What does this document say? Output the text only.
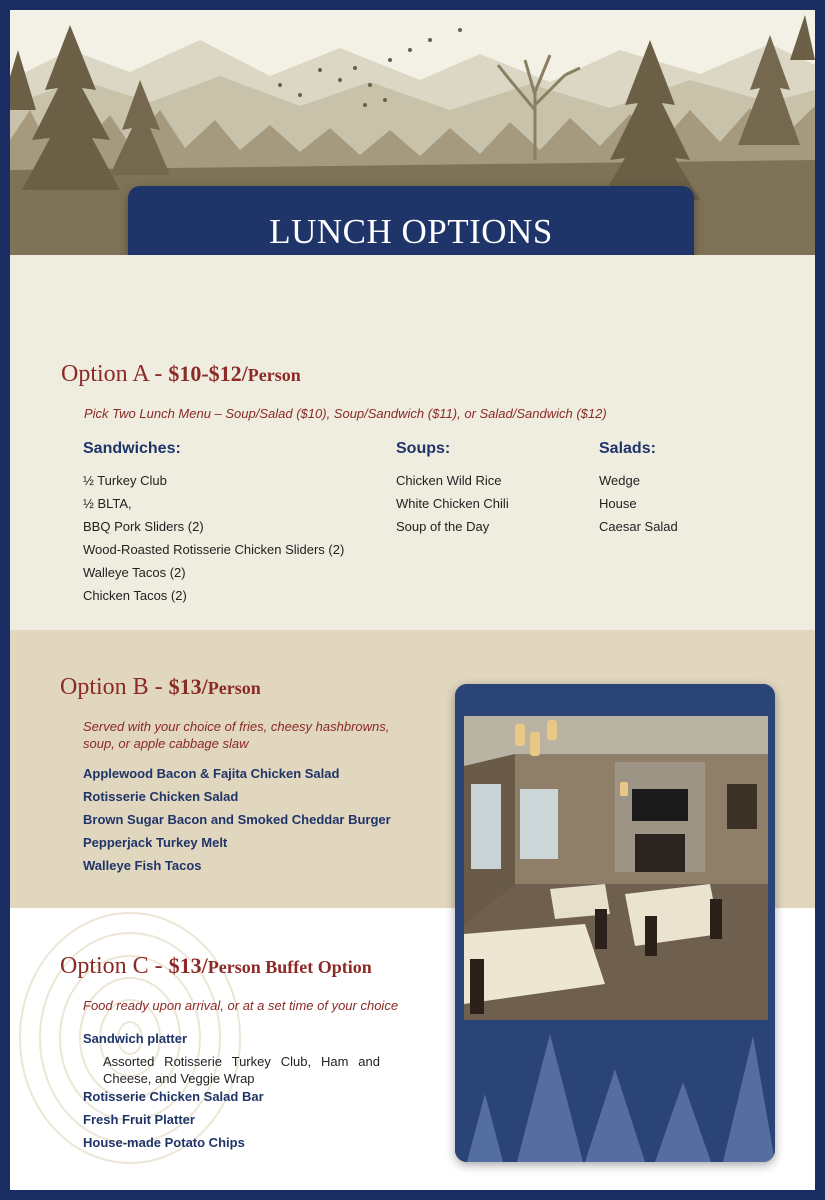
LUNCH OPTIONS

Option A - $10-$12/Person
Pick Two Lunch Menu – Soup/Salad ($10), Soup/Sandwich ($11), or Salad/Sandwich ($12)
Sandwiches:
½ Turkey Club
½ BLTA,
BBQ Pork Sliders (2)
Wood-Roasted Rotisserie Chicken Sliders (2)
Walleye Tacos (2)
Chicken Tacos (2)
Soups:
Chicken Wild Rice
White Chicken Chili
Soup of the Day
Salads:
Wedge
House
Caesar Salad
Option B - $13/Person
Served with your choice of fries, cheesy hashbrowns,
soup, or apple cabbage slaw
Applewood Bacon & Fajita Chicken Salad
Rotisserie Chicken Salad
Brown Sugar Bacon and Smoked Cheddar Burger
Pepperjack Turkey Melt
Walleye Fish Tacos
Option C - $13/Person Buffet Option
Food ready upon arrival, or at a set time of your choice
Sandwich platter
Assorted Rotisserie Turkey Club, Ham and
Cheese, and Veggie Wrap
Rotisserie Chicken Salad Bar
Fresh Fruit Platter
House-made Potato Chips
